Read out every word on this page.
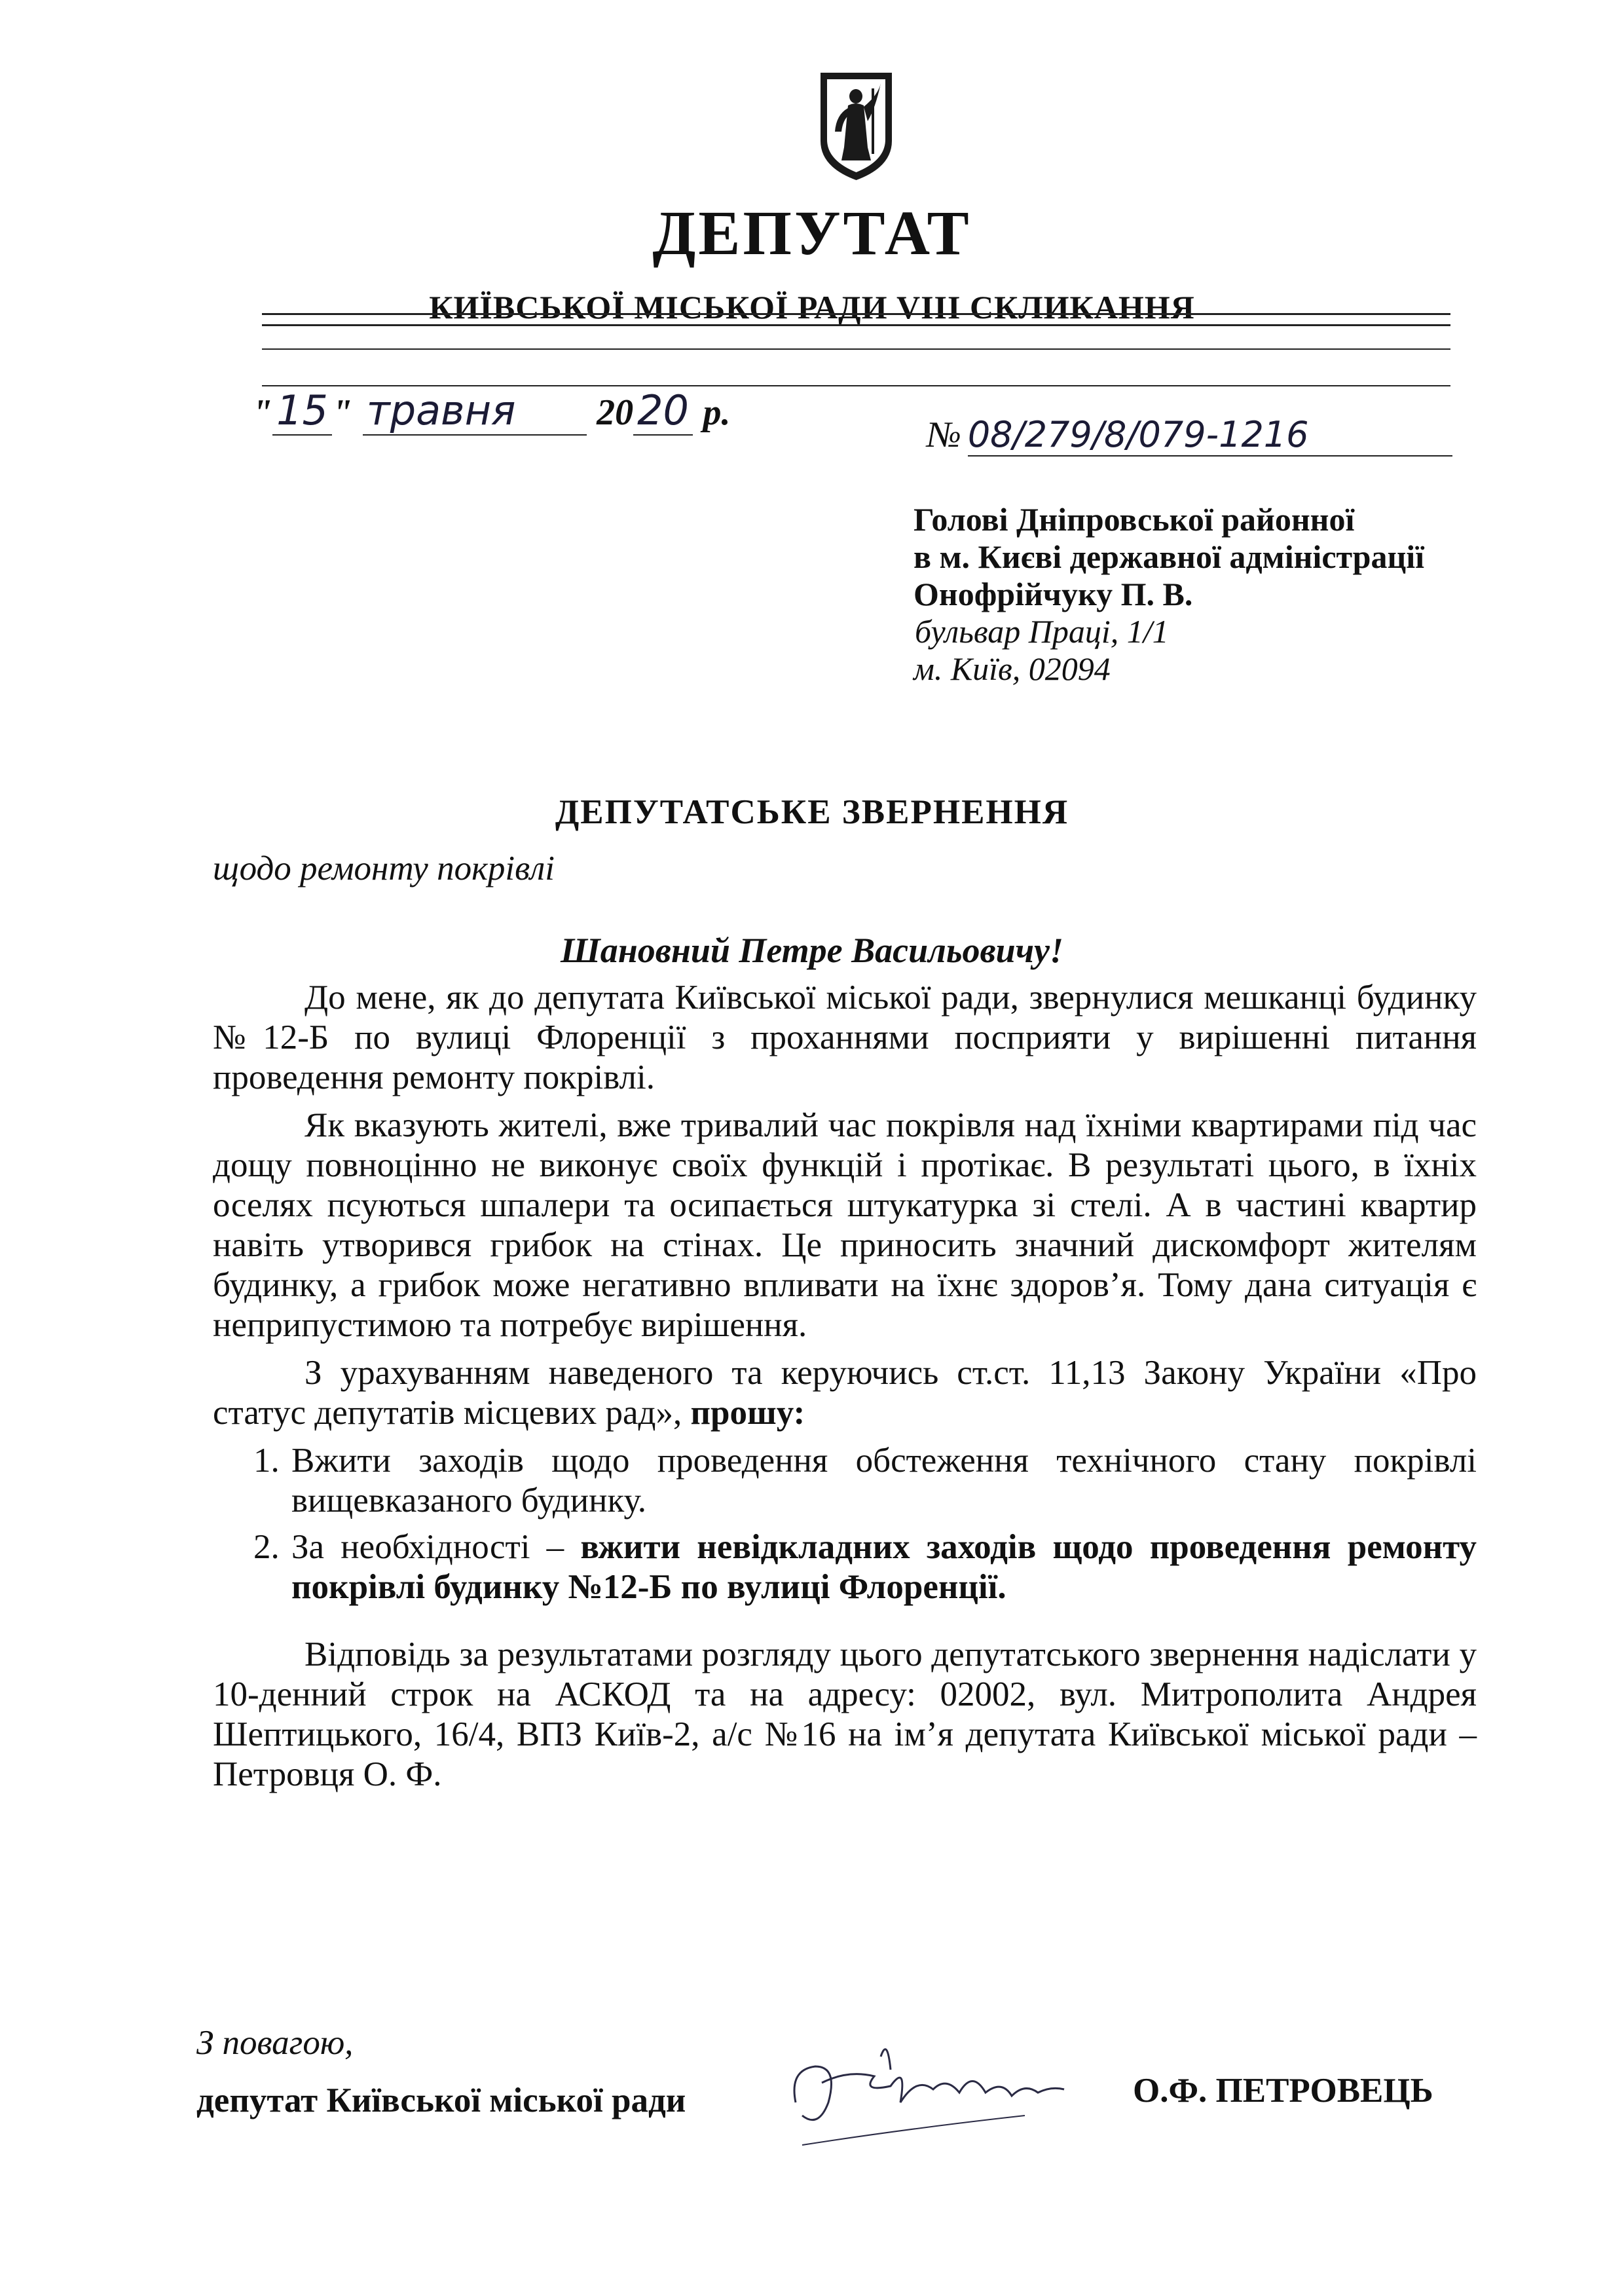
ДЕПУТАТ
КИЇВСЬКОЇ МІСЬКОЇ РАДИ VIII СКЛИКАННЯ
"15 " травня 2020 р.
№ 08/279/8/079-1216
Голові Дніпровської районної
в м. Києві державної адміністрації
Онофрійчуку П. В.
бульвар Праці, 1/1
м. Київ, 02094
ДЕПУТАТСЬКЕ ЗВЕРНЕННЯ
щодо ремонту покрівлі
Шановний Петре Васильовичу!

До мене, як до депутата Київської міської ради, звернулися мешканці будинку №12-Б по вулиці Флоренції з проханнями посприяти у вирішенні питання проведення ремонту покрівлі.

Як вказують жителі, вже тривалий час покрівля над їхніми квартирами під час дощу повноцінно не виконує своїх функцій і протікає. В результаті цього, в їхніх оселях псуються шпалери та осипається штукатурка зі стелі. А в частині квартир навіть утворився грибок на стінах. Це приносить значний дискомфорт жителям будинку, а грибок може негативно впливати на їхнє здоров’я. Тому дана ситуація є неприпустимою та потребує вирішення.

З урахуванням наведеного та керуючись ст.ст. 11,13 Закону України «Про статус депутатів місцевих рад», прошу:

1. Вжити заходів щодо проведення обстеження технічного стану покрівлі вищевказаного будинку.
2. За необхідності – вжити невідкладних заходів щодо проведення ремонту покрівлі будинку №12-Б по вулиці Флоренції.

Відповідь за результатами розгляду цього депутатського звернення надіслати у 10-денний строк на АСКОД та на адресу: 02002, вул. Митрополита Андрея Шептицького, 16/4, ВПЗ Київ-2, а/с №16 на ім’я депутата Київської міської ради – Петровця О. Ф.

З повагою,
депутат Київської міської ради	О.Ф. ПЕТРОВЕЦЬ
